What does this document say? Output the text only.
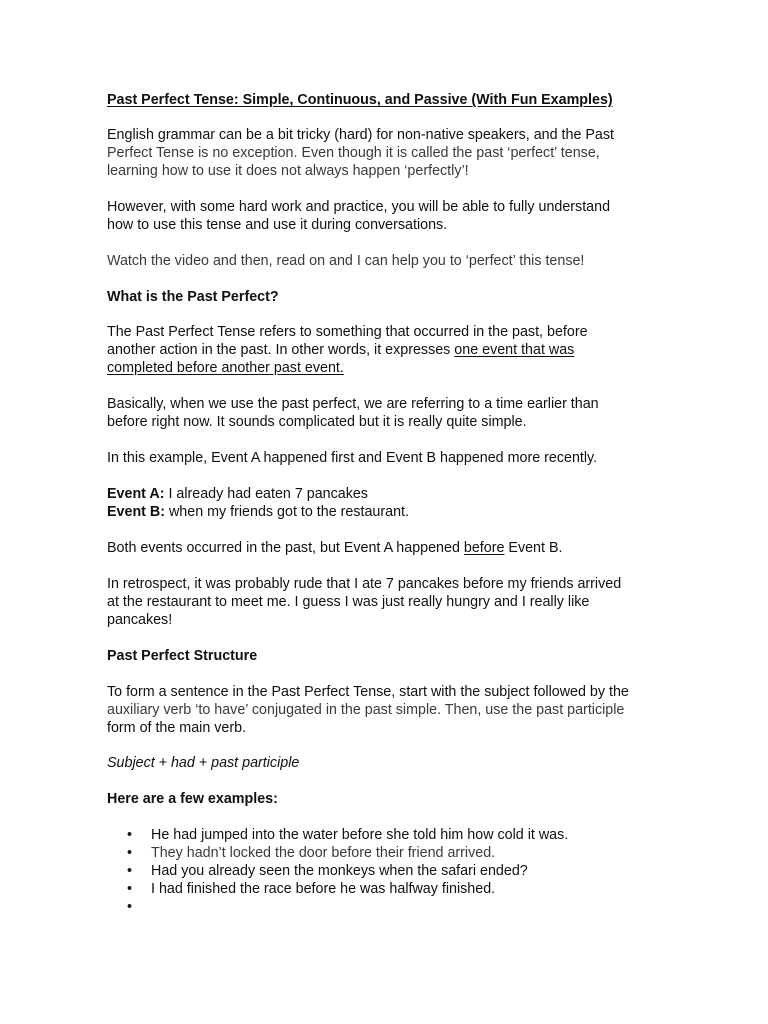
Past Perfect Tense: Simple, Continuous, and Passive (With Fun Examples)

English grammar can be a bit tricky (hard) for non-native speakers, and the Past

Perfect Tense is no exception. Even though it is called the past ‘perfect’ tense,

learning how to use it does not always happen ‘perfectly’!

However, with some hard work and practice, you will be able to fully understand

how to use this tense and use it during conversations.

Watch the video and then, read on and I can help you to ‘perfect’ this tense!

What is the Past Perfect?

The Past Perfect Tense refers to something that occurred in the past, before

another action in the past. In other words, it expresses one event that was

completed before another past event.

Basically, when we use the past perfect, we are referring to a time earlier than

before right now. It sounds complicated but it is really quite simple.

In this example, Event A happened first and Event B happened more recently.

Event A: I already had eaten 7 pancakes

Event B: when my friends got to the restaurant.

Both events occurred in the past, but Event A happened before Event B.

In retrospect, it was probably rude that I ate 7 pancakes before my friends arrived

at the restaurant to meet me. I guess I was just really hungry and I really like

pancakes!

Past Perfect Structure

To form a sentence in the Past Perfect Tense, start with the subject followed by the

auxiliary verb ‘to have’ conjugated in the past simple. Then, use the past participle

form of the main verb.

Subject + had + past participle

Here are a few examples:

• He had jumped into the water before she told him how cold it was.
• They hadn’t locked the door before their friend arrived.
• Had you already seen the monkeys when the safari ended?
• I had finished the race before he was halfway finished.
•
